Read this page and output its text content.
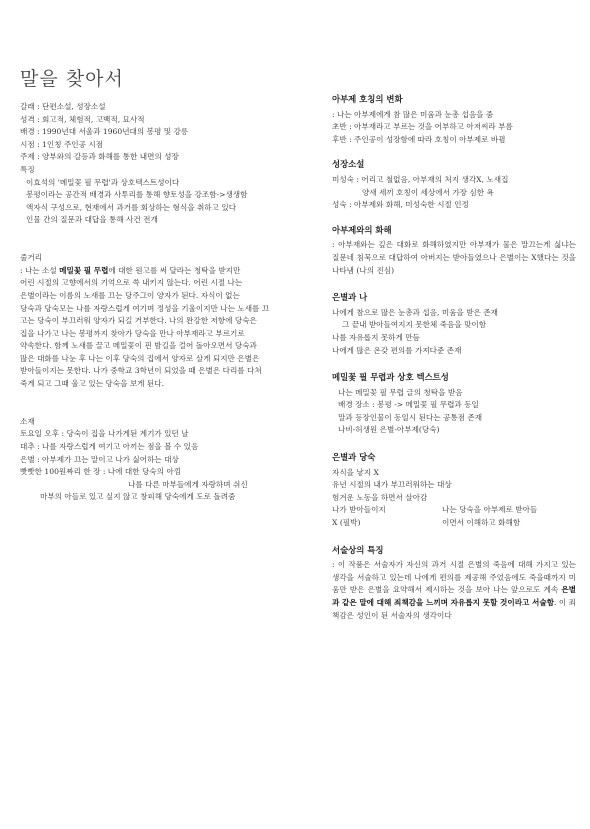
말을 찾아서
갈래 : 단편소설, 성장소설
성격 : 회고적, 체험적, 고백적, 묘사적
배경 : 1990년대 서울과 1960년대의 봉평 및 강릉
시점 : 1인칭 주인공 시점
주제 : 양부와의 갈등과 화해를 통한 내면의 성장
특징
이효석의 '메밀꽃 필 무렵'과 상호텍스트성이다
봉평이라는 공간적 배경과 사투리를 통해 향토성을 강조함->생생함
액자식 구성으로, 현재에서 과거를 회상하는 형식을 취하고 있다
인물 간의 질문과 대답을 통해 사건 전개
줄거리
: 나는 소설 메밀꽃 필 무렵에 대한 원고를 써 달라는 청탁을 받지만
어린 시절의 고향에서의 기억으로 쓱 내키지 않는다. 어린 시절 나는
은별이라는 이름의 노새를 끄는 당주그이 양자가 된다. 자식이 없는
당숙과 당숙모는 나를 자랑스럽게 여기며 정성을 기울이지만 나는 노새를 끄
고는 당숙이 부끄러워 양자가 되길 거부한다. 나의 완강한 저항에 당숙은
집을 나가고 나는 봉평까지 찾아가 당숙을 만나 아부재라고 부르기로
약속한다. 함께 노새를 끌고 메밀꽃이 핀 밤길을 걸어 돌아오면서 당숙과
많은 대화를 나눈 후 나는 이후 당숙의 집에서 양자로 살게 되지만 은별은
받아들이지는 못한다. 나가 중학교 3학년이 되었을 때 은별은 다리를 다쳐
죽게 되고 그때 울고 있는 당숙을 보게 된다.
소재
토요일 오후 : 당숙이 집을 나가게된 계기가 있던 날
대추 : 나를 자랑스럽게 여기고 아끼는 점을 볼 수 있음
은별 : 아부제가 끄는 말이고 나가 싫어하는 대상
빳빳한 100원짜리 한 장 : 나에 대한 당숙의 아낌
나를 다른 마부들에게 자랑하며 쉬신
마부의 아들로 있고 싶지 않고 창피해 당숙에게 도로 돌려줌
아부제 호칭의 변화
: 나는 아부제에게 참 많은 미움과 눈총 섭음을 줌
초반 : 아부재라고 부르는 것을 어부하고 아저씨라 부름
후반 : 주인공이 성장함에 따라 호칭이 아부제로 바뀜
성장소설
미성숙 : 어리고 철없음, 아부재의 처지 생각X, 노새집
양새 세끼 호칭이 세상에서 가장 심한 욕
성숙 : 아부제와 화해, 미성숙한 시절 인정
아부제와의 화해
: 아부재와는 깊은 대화로 화해하였지만 아부재가 물은 말끄는게 싫냐는 질문네 침묵으로 대답하여 아버지는 받아들였으나 은별이는 X했다는 것을 나타냄 (나의 진심)
은별과 나
나에게 참으로 많은 눈총과 섭음, 미움을 받은 존재
그 끝내 받아들여지지 못한체 죽음을 맞이함
나를 자유롭지 못하게 만듬
나에게 많은 온갖 편의를 가져다준 존재
메밀꽃 필 무렵과 상호 텍스트성
나는 메밀꽃 필 무렵 글의 청탁을 받음
배경 장소 : 봉평 -> 메밀꽃 필 무렵과 동일
말과 등장인물이 동일시 된다는 공통점 존재
나비-허생원 은별-아부제(당숙)
은별과 당숙
자식을 낳지 X
유년 시절의 내가 부끄러워하는 대상
험겨운 노동을 하면서 살아감
나가 받아들이지	나는 당숙을 아부제로 받아들
X (필박)	이면서 이해하고 화해함
서술상의 특징
: 이 작품은 서술자가 자신의 과거 시절 은별의 죽음에 대해 가지고 있는 생각을 서술하고 있는데 나에게 편의를 제공해 주었음에도 죽을때까지 미움만 받은 은별을 요약해서 제시하는 것을 보아 나는 앞으로도 계속 은별과 같은 말에 대해 죄책감을 느끼며 자유롭지 못할 것이라고 서술함. 이 죄책감은 성인이 된 서술자의 생각이다
